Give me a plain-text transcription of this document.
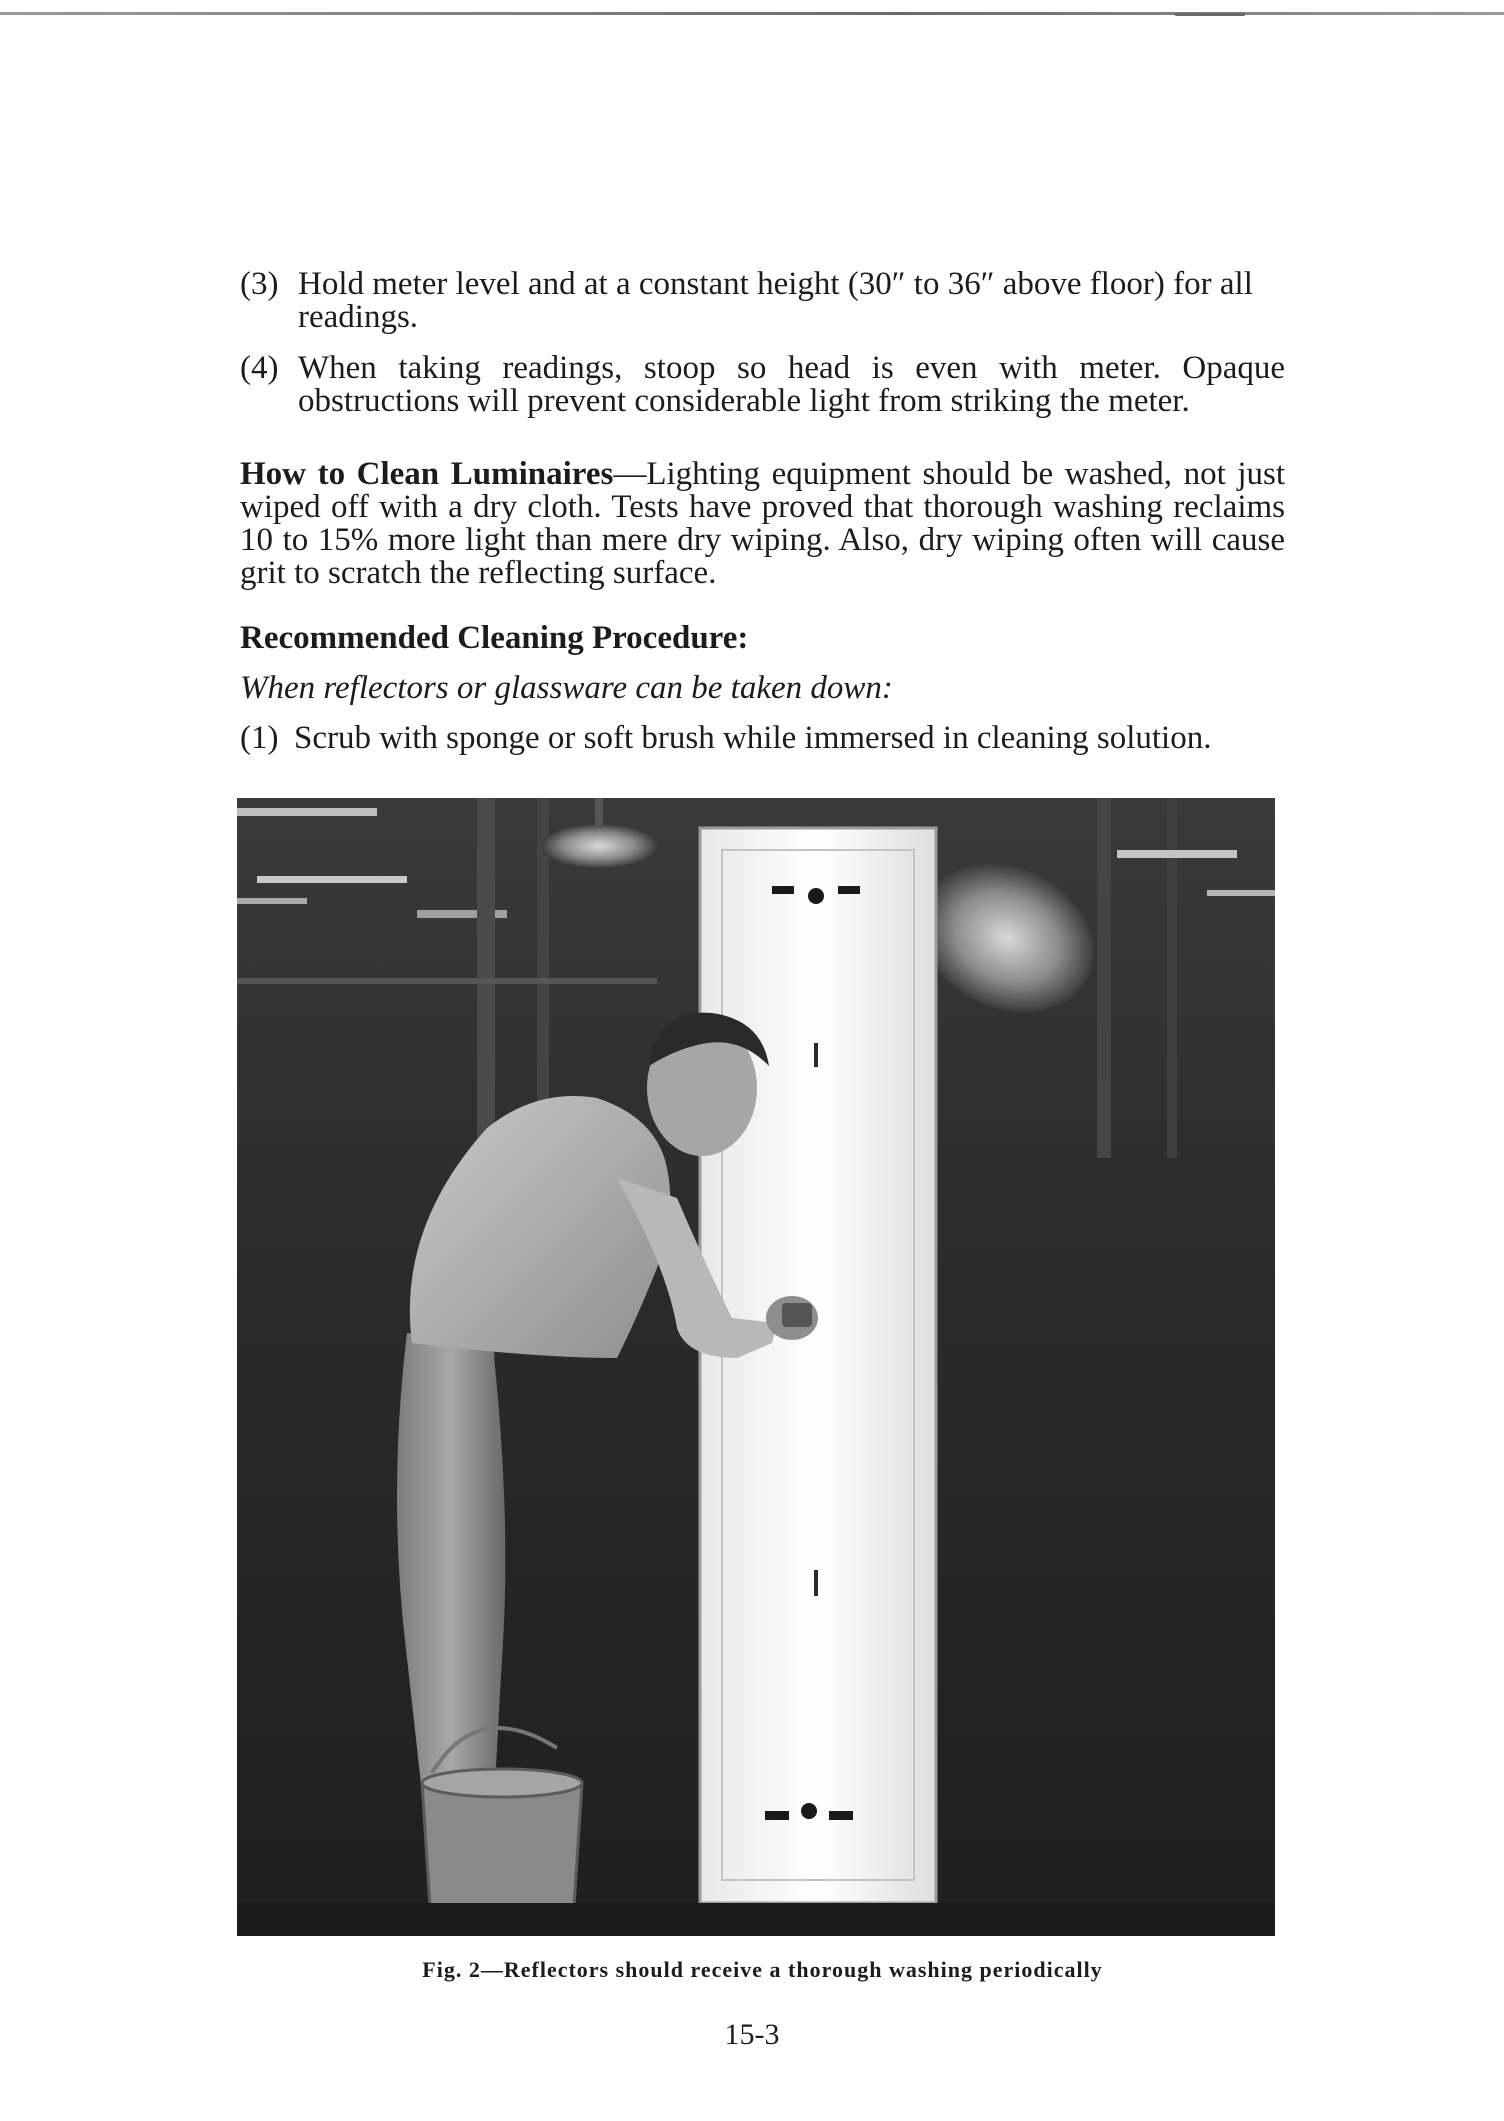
(3) Hold meter level and at a constant height (30″ to 36″ above floor) for all readings.
(4) When taking readings, stoop so head is even with meter. Opaque obstructions will prevent considerable light from striking the meter.
How to Clean Luminaires—Lighting equipment should be washed, not just wiped off with a dry cloth. Tests have proved that thorough washing reclaims 10 to 15% more light than mere dry wiping. Also, dry wiping often will cause grit to scratch the reflecting surface.
Recommended Cleaning Procedure:
When reflectors or glassware can be taken down:
(1) Scrub with sponge or soft brush while immersed in cleaning solution.
Fig. 2—Reflectors should receive a thorough washing periodically
15-3
